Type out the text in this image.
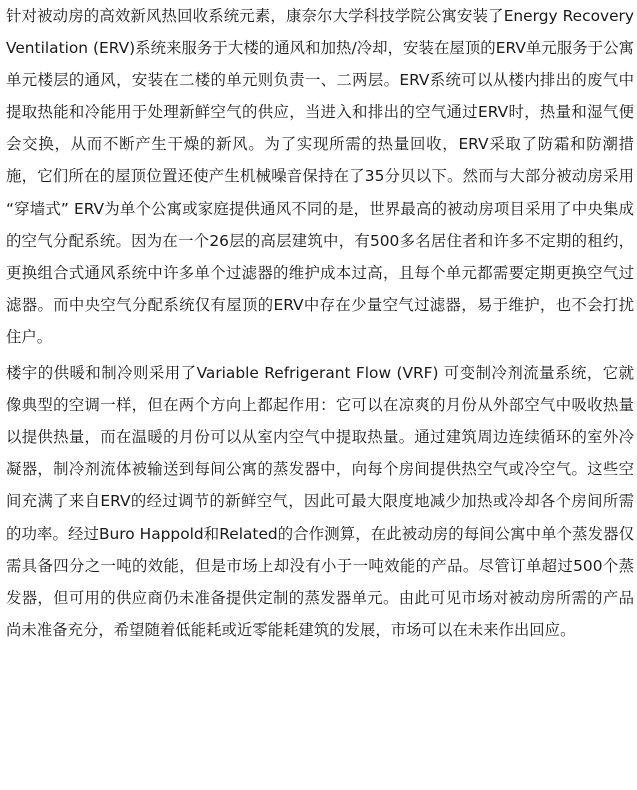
针对被动房的高效新风热回收系统元素，康奈尔大学科技学院公寓安装了Energy Recovery Ventilation (ERV)系统来服务于大楼的通风和加热/冷却，安装在屋顶的ERV单元服务于公寓单元楼层的通风，安装在二楼的单元则负责一、二两层。ERV系统可以从楼内排出的废气中提取热能和冷能用于处理新鲜空气的供应，当进入和排出的空气通过ERV时，热量和湿气便会交换，从而不断产生干燥的新风。为了实现所需的热量回收，ERV采取了防霜和防潮措施，它们所在的屋顶位置还使产生机械噪音保持在了35分贝以下。然而与大部分被动房采用 “穿墙式” ERV为单个公寓或家庭提供通风不同的是，世界最高的被动房项目采用了中央集成的空气分配系统。因为在一个26层的高层建筑中，有500多名居住者和许多不定期的租约，更换组合式通风系统中许多单个过滤器的维护成本过高，且每个单元都需要定期更换空气过滤器。而中央空气分配系统仅有屋顶的ERV中存在少量空气过滤器，易于维护，也不会打扰住户。

楼宇的供暖和制冷则采用了Variable Refrigerant Flow (VRF) 可变制冷剂流量系统，它就像典型的空调一样，但在两个方向上都起作用：它可以在凉爽的月份从外部空气中吸收热量以提供热量，而在温暖的月份可以从室内空气中提取热量。通过建筑周边连续循环的室外冷凝器，制冷剂流体被输送到每间公寓的蒸发器中，向每个房间提供热空气或冷空气。这些空间充满了来自ERV的经过调节的新鲜空气，因此可最大限度地减少加热或冷却各个房间所需的功率。经过Buro Happold和Related的合作测算，在此被动房的每间公寓中单个蒸发器仅需具备四分之一吨的效能，但是市场上却没有小于一吨效能的产品。尽管订单超过500个蒸发器，但可用的供应商仍未准备提供定制的蒸发器单元。由此可见市场对被动房所需的产品尚未准备充分，希望随着低能耗或近零能耗建筑的发展，市场可以在未来作出回应。
